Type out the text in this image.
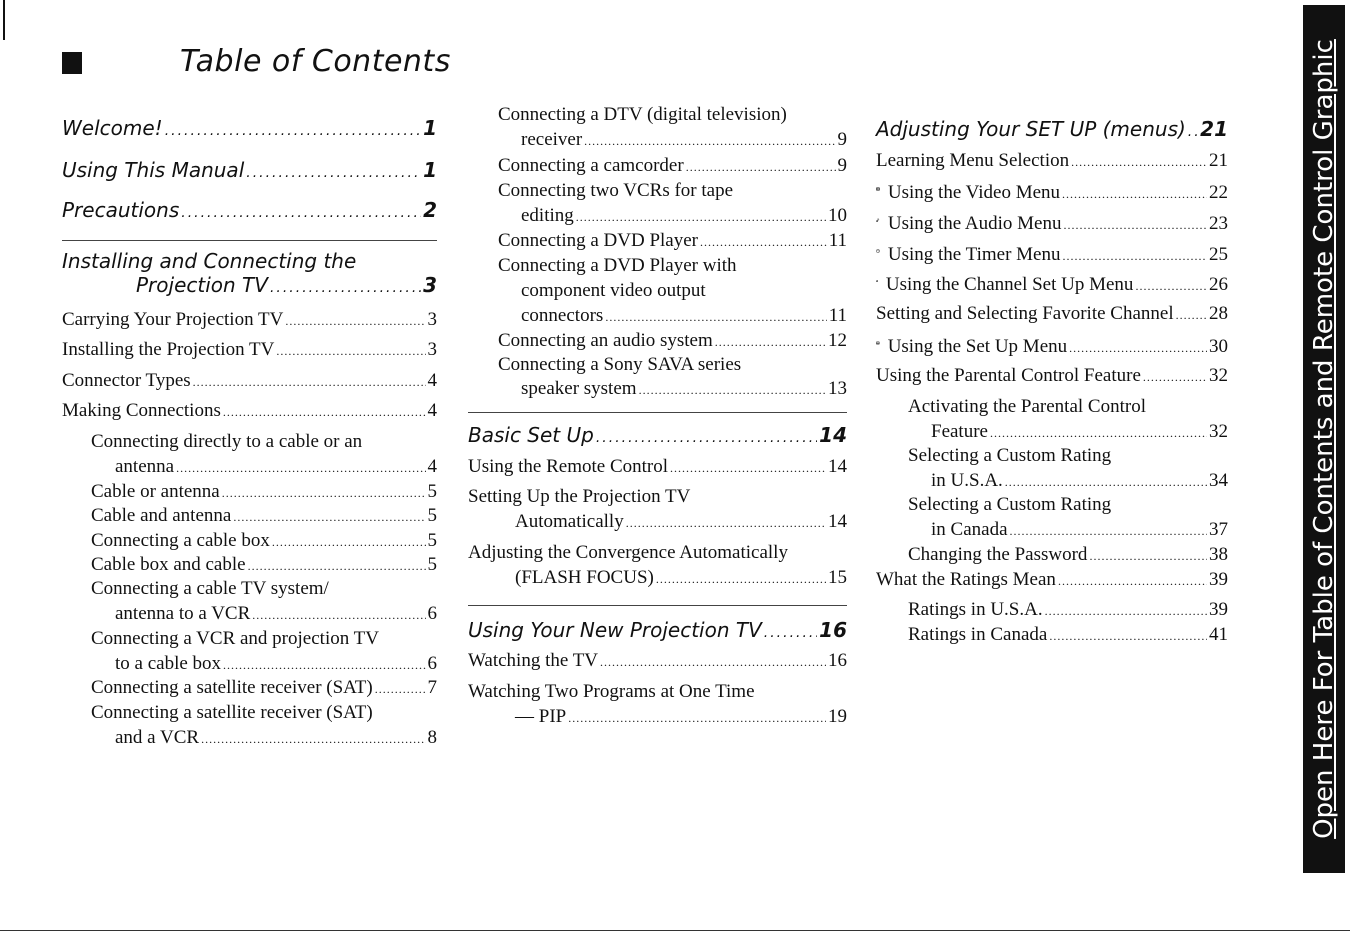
Table of Contents
Welcome! .....	1
Using This Manual .....	1
Precautions .....	2
Installing and Connecting the
Projection TV .....	3
Carrying Your Projection TV .....	3
Installing the Projection TV .....	3
Connector Types .....	4
Making Connections .....	4
Connecting directly to a cable or an
antenna .....	4
Cable or antenna .....	5
Cable and antenna .....	5
Connecting a cable box .....	5
Cable box and cable .....	5
Connecting a cable TV system/
antenna to a VCR .....	6
Connecting a VCR and projection TV
to a cable box .....	6
Connecting a satellite receiver (SAT) .....	7
Connecting a satellite receiver (SAT)
and a VCR .....	8
Connecting a DTV (digital television)
receiver .....	9
Connecting a camcorder .....	9
Connecting two VCRs for tape
editing .....	10
Connecting a DVD Player .....	11
Connecting a DVD Player with
component video output
connectors .....	11
Connecting an audio system .....	12
Connecting a Sony SAVA series
speaker system .....	13
Basic Set Up .....	14
Using the Remote Control .....	14
Setting Up the Projection TV
Automatically .....	14
Adjusting the Convergence Automatically
(FLASH FOCUS) .....	15
Using Your New Projection TV .....	16
Watching the TV .....	16
Watching Two Programs at One Time
— PIP .....	19
Adjusting Your SET UP (menus) ..... 21
Learning Menu Selection .....	21
Using the Video Menu .....	22
Using the Audio Menu .....	23
Using the Timer Menu .....	25
Using the Channel Set Up Menu .....	26
Setting and Selecting Favorite Channel ..... 28
Using the Set Up Menu .....	30
Using the Parental Control Feature .....	32
Activating the Parental Control
Feature .....	32
Selecting a Custom Rating
in U.S.A. .....	34
Selecting a Custom Rating
in Canada .....	37
Changing the Password .....	38
What the Ratings Mean .....	39
Ratings in U.S.A. .....	39
Ratings in Canada .....	41	Open Here For Table of Contents and Remote Control Graphic
